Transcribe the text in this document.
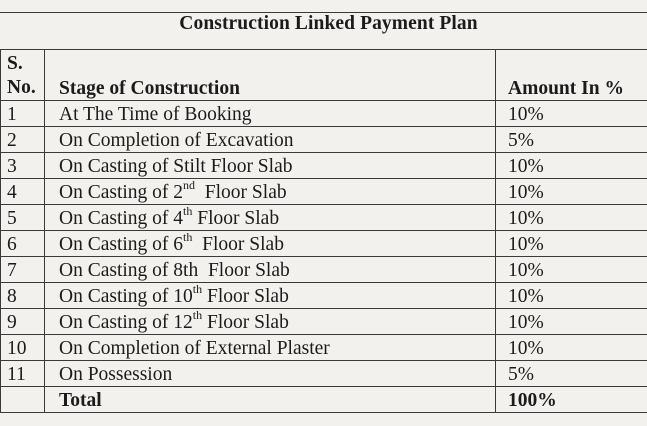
Construction Linked Payment Plan
S.
No.	Stage of Construction	Amount In %
1	At The Time of Booking	10%
2	On Completion of Excavation	5%
3	On Casting of Stilt Floor Slab	10%
4	On Casting of 2nd  Floor Slab	10%
5	On Casting of 4th Floor Slab	10%
6	On Casting of 6th  Floor Slab	10%
7	On Casting of 8th  Floor Slab	10%
8	On Casting of 10th Floor Slab	10%
9	On Casting of 12th Floor Slab	10%
10	On Completion of External Plaster	10%
11	On Possession	5%
	Total	100%
